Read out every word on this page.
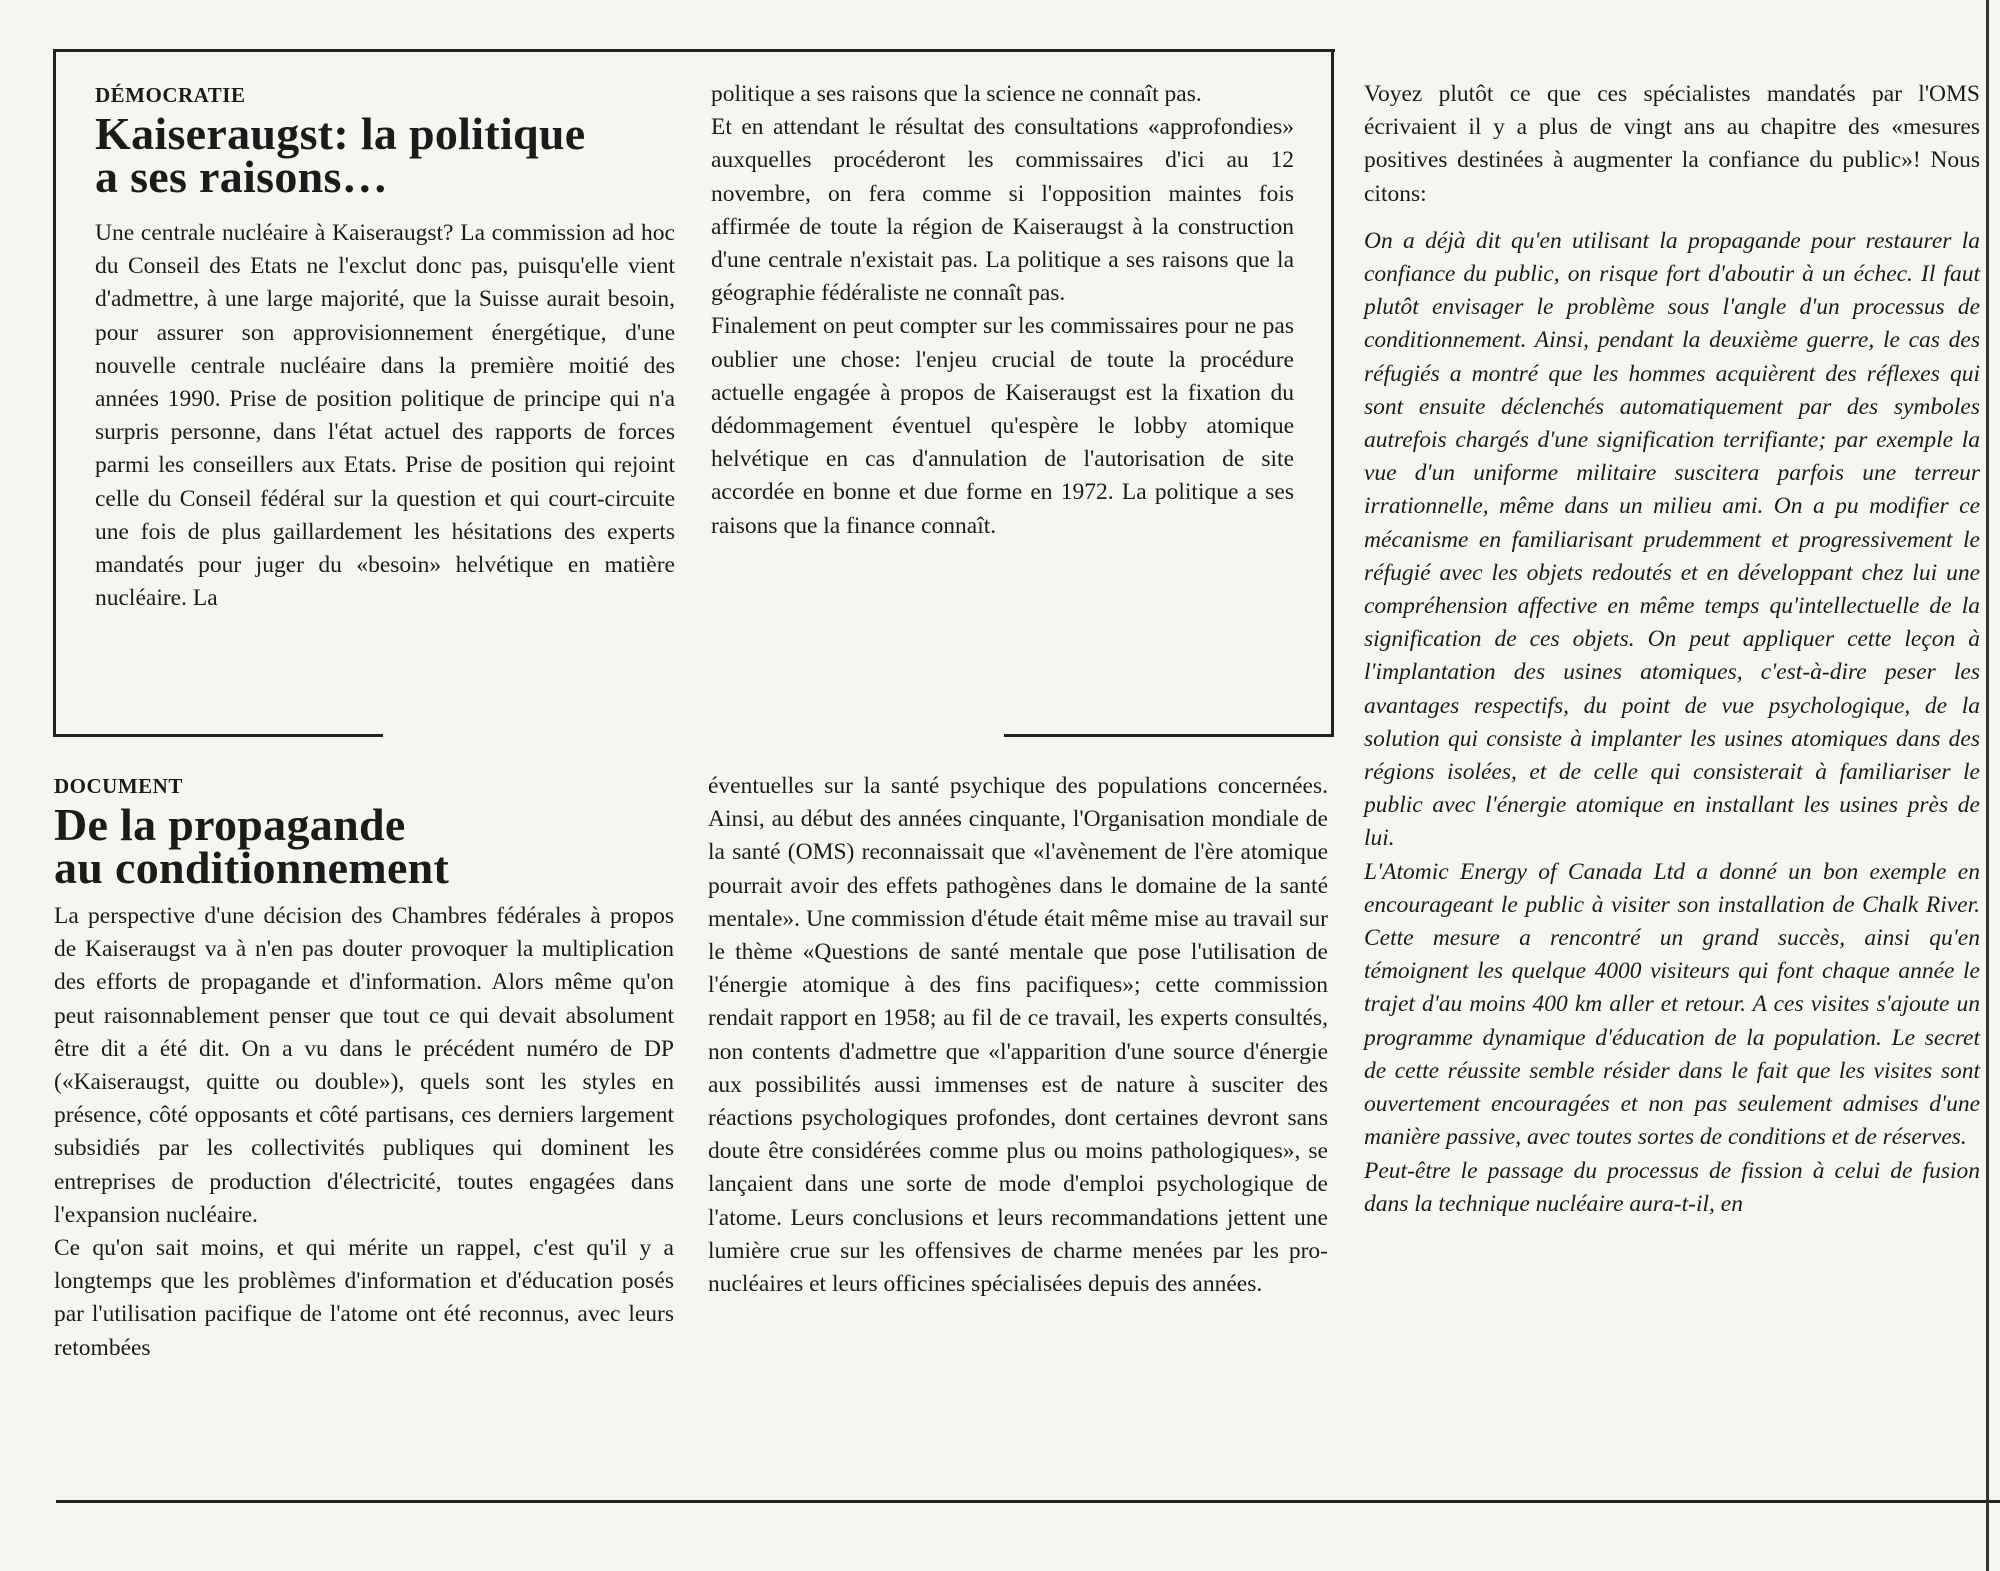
DÉMOCRATIE

Kaiseraugst: la politique

a ses raisons…

Une centrale nucléaire à Kaiseraugst? La commission ad hoc du Conseil des Etats ne l'exclut donc pas, puisqu'elle vient d'admettre, à une large majorité, que la Suisse aurait besoin, pour assurer son approvisionnement énergétique, d'une nouvelle centrale nucléaire dans la première moitié des années 1990. Prise de position politique de principe qui n'a surpris personne, dans l'état actuel des rapports de forces parmi les conseillers aux Etats. Prise de position qui rejoint celle du Conseil fédéral sur la question et qui court-circuite une fois de plus gaillardement les hésitations des experts mandatés pour juger du «besoin» helvétique en matière nucléaire. La

politique a ses raisons que la science ne connaît pas.

Et en attendant le résultat des consultations «approfondies» auxquelles procéderont les commissaires d'ici au 12 novembre, on fera comme si l'opposition maintes fois affirmée de toute la région de Kaiseraugst à la construction d'une centrale n'existait pas. La politique a ses raisons que la géographie fédéraliste ne connaît pas.

Finalement on peut compter sur les commissaires pour ne pas oublier une chose: l'enjeu crucial de toute la procédure actuelle engagée à propos de Kaiseraugst est la fixation du dédommagement éventuel qu'espère le lobby atomique helvétique en cas d'annulation de l'autorisation de site accordée en bonne et due forme en 1972. La politique a ses raisons que la finance connaît.

DOCUMENT

De la propagande

au conditionnement

La perspective d'une décision des Chambres fédérales à propos de Kaiseraugst va à n'en pas douter provoquer la multiplication des efforts de propagande et d'information. Alors même qu'on peut raisonnablement penser que tout ce qui devait absolument être dit a été dit. On a vu dans le précédent numéro de DP («Kaiseraugst, quitte ou double»), quels sont les styles en présence, côté opposants et côté partisans, ces derniers largement subsidiés par les collectivités publiques qui dominent les entreprises de production d'électricité, toutes engagées dans l'expansion nucléaire.

Ce qu'on sait moins, et qui mérite un rappel, c'est qu'il y a longtemps que les problèmes d'information et d'éducation posés par l'utilisation pacifique de l'atome ont été reconnus, avec leurs retombées

éventuelles sur la santé psychique des populations concernées. Ainsi, au début des années cinquante, l'Organisation mondiale de la santé (OMS) reconnaissait que «l'avènement de l'ère atomique pourrait avoir des effets pathogènes dans le domaine de la santé mentale». Une commission d'étude était même mise au travail sur le thème «Questions de santé mentale que pose l'utilisation de l'énergie atomique à des fins pacifiques»; cette commission rendait rapport en 1958; au fil de ce travail, les experts consultés, non contents d'admettre que «l'apparition d'une source d'énergie aux possibilités aussi immenses est de nature à susciter des réactions psychologiques profondes, dont certaines devront sans doute être considérées comme plus ou moins pathologiques», se lançaient dans une sorte de mode d'emploi psychologique de l'atome. Leurs conclusions et leurs recommandations jettent une lumière crue sur les offensives de charme menées par les pro-nucléaires et leurs officines spécialisées depuis des années.

Voyez plutôt ce que ces spécialistes mandatés par l'OMS écrivaient il y a plus de vingt ans au chapitre des «mesures positives destinées à augmenter la confiance du public»! Nous citons:

On a déjà dit qu'en utilisant la propagande pour restaurer la confiance du public, on risque fort d'aboutir à un échec. Il faut plutôt envisager le problème sous l'angle d'un processus de conditionnement. Ainsi, pendant la deuxième guerre, le cas des réfugiés a montré que les hommes acquièrent des réflexes qui sont ensuite déclenchés automatiquement par des symboles autrefois chargés d'une signification terrifiante; par exemple la vue d'un uniforme militaire suscitera parfois une terreur irrationnelle, même dans un milieu ami. On a pu modifier ce mécanisme en familiarisant prudemment et progressivement le réfugié avec les objets redoutés et en développant chez lui une compréhension affective en même temps qu'intellectuelle de la signification de ces objets. On peut appliquer cette leçon à l'implantation des usines atomiques, c'est-à-dire peser les avantages respectifs, du point de vue psychologique, de la solution qui consiste à implanter les usines atomiques dans des régions isolées, et de celle qui consisterait à familiariser le public avec l'énergie atomique en installant les usines près de lui.

L'Atomic Energy of Canada Ltd a donné un bon exemple en encourageant le public à visiter son installation de Chalk River. Cette mesure a rencontré un grand succès, ainsi qu'en témoignent les quelque 4000 visiteurs qui font chaque année le trajet d'au moins 400 km aller et retour. A ces visites s'ajoute un programme dynamique d'éducation de la population. Le secret de cette réussite semble résider dans le fait que les visites sont ouvertement encouragées et non pas seulement admises d'une manière passive, avec toutes sortes de conditions et de réserves.

Peut-être le passage du processus de fission à celui de fusion dans la technique nucléaire aura-t-il, en
